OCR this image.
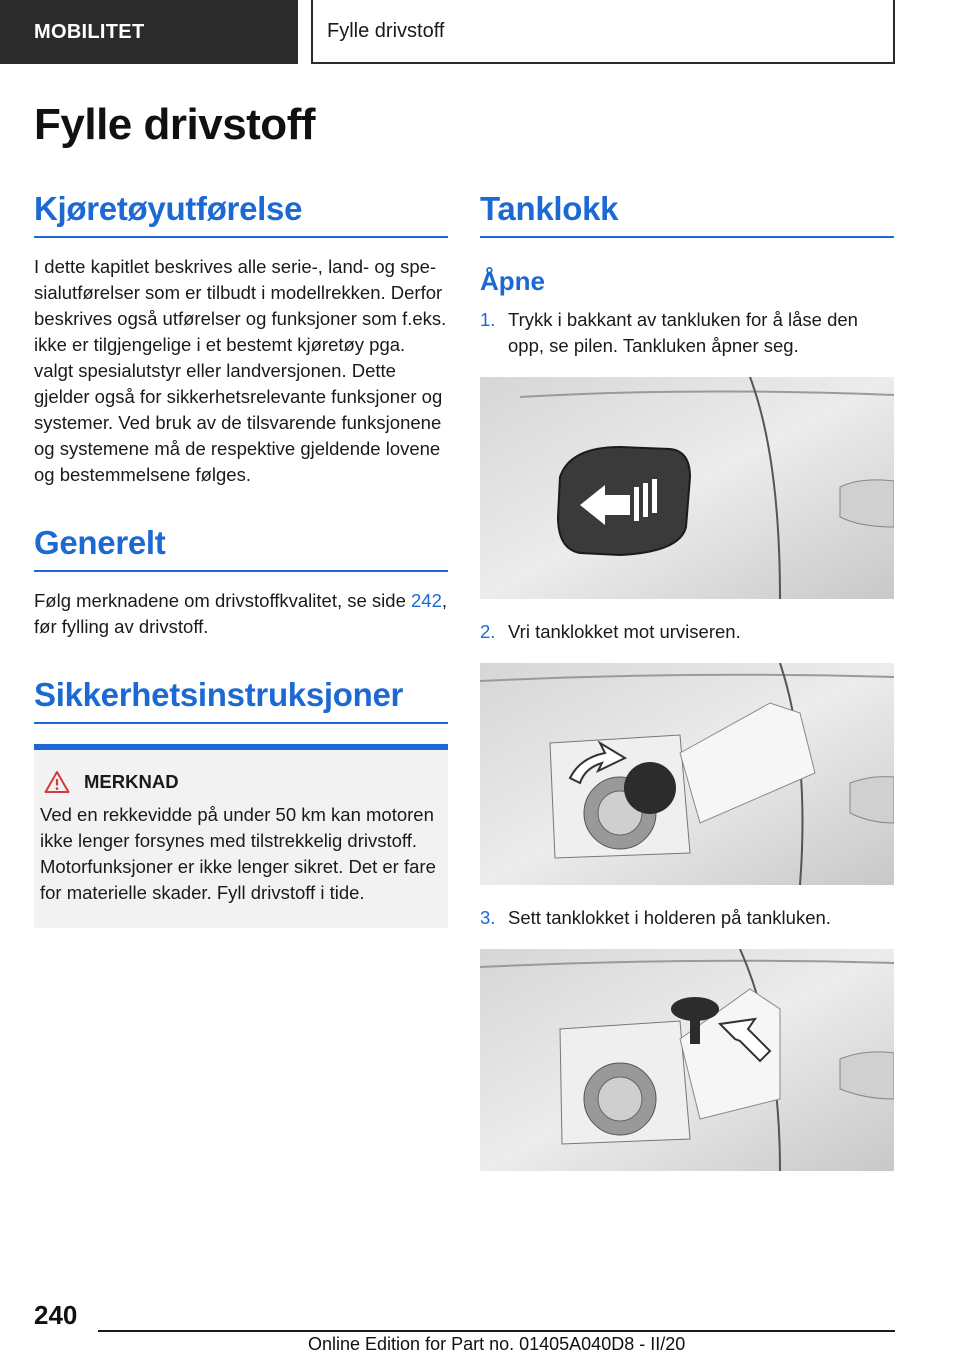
MOBILITET	Fylle drivstoff
Fylle drivstoff
Kjøretøyutførelse

I dette kapitlet beskrives alle serie-, land- og spesialutførelser som er tilbudt i modellrekken. Derfor beskrives også utførelser og funksjoner som f.eks. ikke er tilgjengelige i et bestemt kjøretøy pga. valgt spesialutstyr eller landversjonen. Dette gjelder også for sikkerhetsrelevante funksjoner og systemer. Ved bruk av de tilsvarende funksjonene og systemene må de respektive gjeldende lovene og bestemmelsene følges.

Generelt

Følg merknadene om drivstoffkvalitet, se side 242, før fylling av drivstoff.

Sikkerhetsinstruksjoner
MERKNAD

Ved en rekkevidde på under 50 km kan motoren ikke lenger forsynes med tilstrekkelig drivstoff. Motorfunksjoner er ikke lenger sikret. Det er fare for materielle skader. Fyll drivstoff i tide.

Tanklokk
Åpne
1. Trykk i bakkant av tankluken for å låse den opp, se pilen. Tankluken åpner seg.
2. Vri tanklokket mot urviseren.
3. Sett tanklokket i holderen på tankluken.
240
Online Edition for Part no. 01405A040D8 - II/20
